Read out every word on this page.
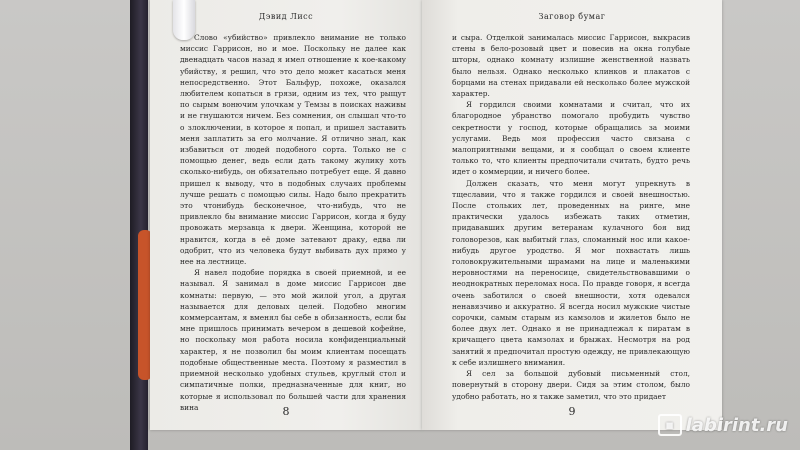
Дэвид Лисс

Слово «убийство» привлекло внимание не только миссис Гаррисон, но и мое. Поскольку не далее как двенадцать часов назад я имел отношение к кое-какому убийству, я решил, что это дело может касаться меня непосредственно. Этот Бальфур, похоже, оказался любителем копаться в грязи, одним из тех, что рыщут по сырым вонючим улочкам у Темзы в поисках наживы и не гнушаются ничем. Без сомнения, он слышал что-то о злоключении, в которое я попал, и пришел заставить меня заплатить за его молчание. Я отлично знал, как избавиться от людей подобного сорта. Только не с помощью денег, ведь если дать такому жулику хоть сколько-нибудь, он обязательно потребует еще. Я давно пришел к выводу, что в подобных случаях проблемы лучше решать с помощью силы. Надо было прекратить это чтонибудь бесконечное, что-нибудь, что не привлекло бы внимание миссис Гаррисон, когда я буду провожать мерзавца к двери. Женщина, которой не нравится, когда в её доме затевают драку, едва ли одобрит, что из человека будут выбивать дух прямо у нее на лестнице.

Я навел подобие порядка в своей приемной, и ее называл. Я занимал в доме миссис Гаррисон две комнаты: первую, — это мой жилой угол, а другая называется для деловых целей. Подобно многим коммерсантам, я вменял бы себе в обязанность, если бы мне пришлось принимать вечером в дешевой кофейне, но поскольку моя работа носила конфиденциальный характер, я не позволил бы моим клиентам посещать подобные общественные места. Поэтому я разместил в приемной несколько удобных стульев, круглый стол и симпатичные полки, предназначенные для книг, но которые я использовал по большей части для хранения вина	8
Заговор бумаг

и сыра. Отделкой занималась миссис Гаррисон, выкрасив стены в бело-розовый цвет и повесив на окна голубые шторы, однако комнату излишне женственной назвать было нельзя. Однако несколько клинков и плакатов с борцами на стенах придавали ей несколько более мужской характер.

Я гордился своими комнатами и считал, что их благородное убранство помогало пробудить чувство секретности у господ, которые обращались за моими услугами. Ведь моя профессия часто связана с малоприятными вещами, и я сообщал о своем клиенте только то, что клиенты предпочитали считать, будто речь идет о коммерции, и ничего более.

Должен сказать, что меня могут упрекнуть в тщеславии, что я также гордился и своей внешностью. После стольких лет, проведенных на ринге, мне практически удалось избежать таких отметин, придававших другим ветеранам кулачного боя вид головорезов, как выбитый глаз, сломанный нос или какое-нибудь другое уродство. Я мог похвастать лишь головокружительными шрамами на лице и маленькими неровностями на переносице, свидетельствовавшими о неоднократных переломах носа. По правде говоря, я всегда очень заботился о своей внешности, хотя одевался ненавязчиво и аккуратно. Я всегда носил мужские чистые сорочки, самым старым из камзолов и жилетов было не более двух лет. Однако я не принадлежал к пиратам в кричащего цвета камзолах и брыжах. Несмотря на род занятий я предпочитал простую одежду, не привлекающую к себе излишнего внимания.

Я сел за большой дубовый письменный стол, повернутый в сторону двери. Сидя за этим столом, было удобно работать, но я также заметил, что это придает

9
▪ labirint.ru
